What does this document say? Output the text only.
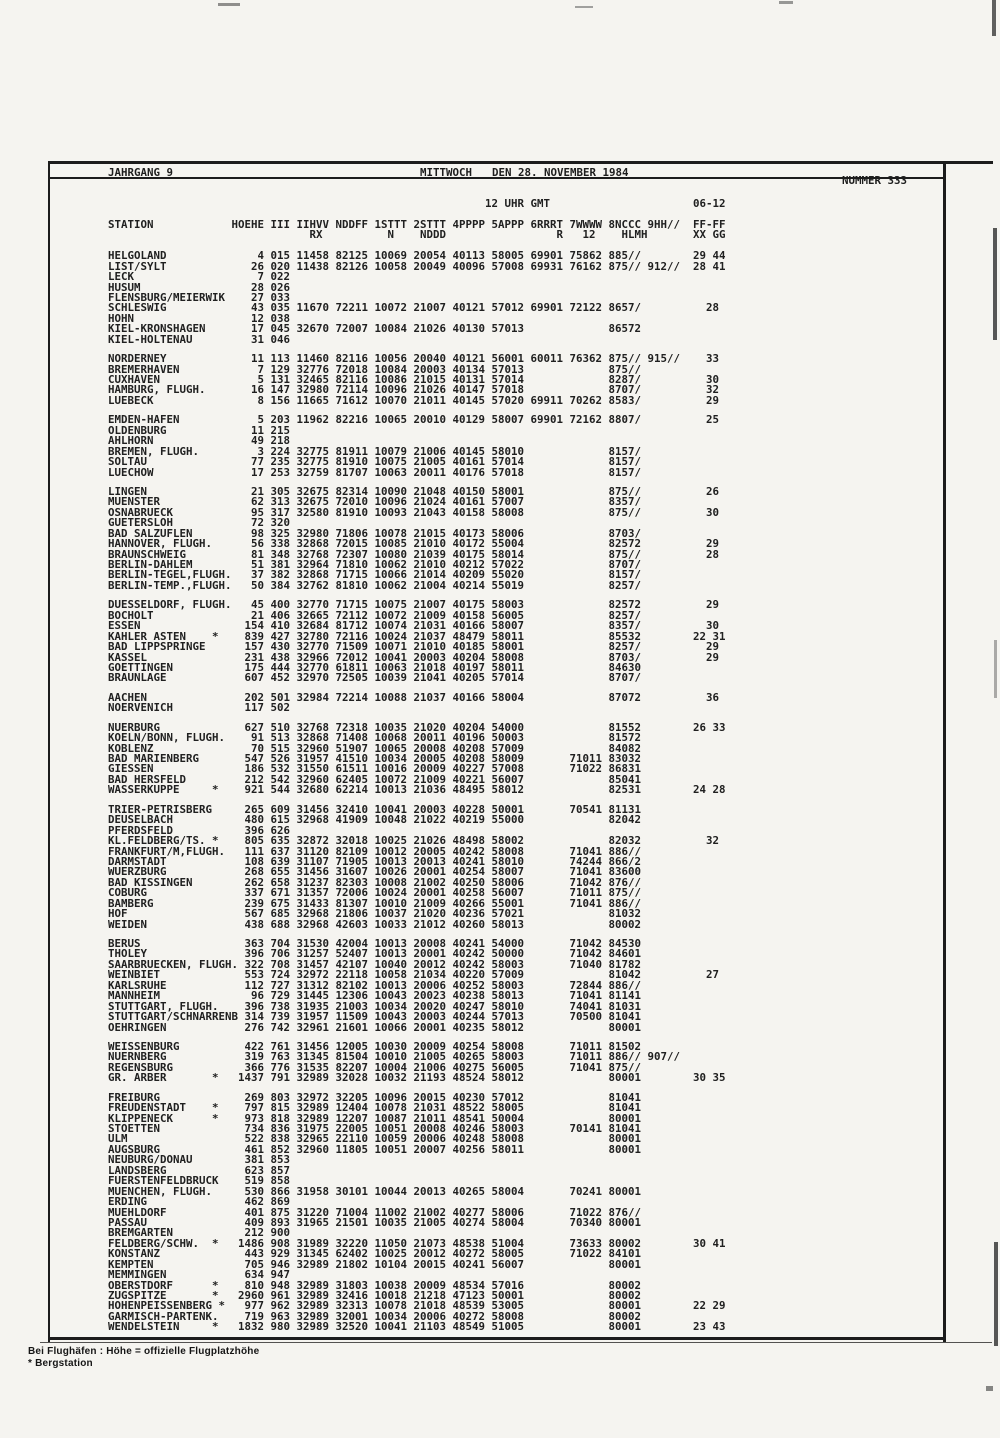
JAHRGANG 9	MITTWOCH DEN 28. NOVEMBER 1984
NUMMER 333
12 UHR GMT                      06-12
STATION            HOEHE III IIHVV NDDFF 1STTT 2STTT 4PPPP 5APPP 6RRRT 7WWWW 8NCCC 9HH//  FF-FF
RX          N    NDDD                 R   12    HLMH       XX GG
HELGOLAND              4 015 11458 82125 10069 20054 40113 58005 69901 75862 885//        29 44
LIST/SYLT             26 020 11438 82126 10058 20049 40096 57008 69931 76162 875// 912//  28 41
LECK                   7 022
HUSUM                 28 026
FLENSBURG/MEIERWIK    27 033
SCHLESWIG             43 035 11670 72211 10072 21007 40121 57012 69901 72122 8657/          28
HOHN                  12 038
KIEL-KRONSHAGEN       17 045 32670 72007 10084 21026 40130 57013             86572
KIEL-HOLTENAU         31 046
NORDERNEY             11 113 11460 82116 10056 20040 40121 56001 60011 76362 875// 915//    33
BREMERHAVEN            7 129 32776 72018 10084 20003 40134 57013             875//
CUXHAVEN               5 131 32465 82116 10086 21015 40131 57014             8287/          30
HAMBURG, FLUGH.       16 147 32980 72114 10096 21026 40147 57018             8707/          32
LUEBECK                8 156 11665 71612 10070 21011 40145 57020 69911 70262 8583/          29
EMDEN-HAFEN            5 203 11962 82216 10065 20010 40129 58007 69901 72162 8807/          25
OLDENBURG             11 215
AHLHORN               49 218
BREMEN, FLUGH.         3 224 32775 81911 10079 21006 40145 58010             8157/
SOLTAU                77 235 32775 81910 10075 21005 40161 57014             8157/
LUECHOW               17 253 32759 81707 10063 20011 40176 57018             8157/
LINGEN                21 305 32675 82314 10090 21048 40150 58001             875//          26
MUENSTER              62 313 32675 72010 10096 21024 40161 57007             8357/
OSNABRUECK            95 317 32580 81910 10093 21043 40158 58008             875//          30
GUETERSLOH            72 320
BAD SALZUFLEN         98 325 32980 71806 10078 21015 40173 58006             8703/
HANNOVER, FLUGH.      56 338 32868 72015 10085 21010 40172 55004             82572          29
BRAUNSCHWEIG          81 348 32768 72307 10080 21039 40175 58014             875//          28
BERLIN-DAHLEM         51 381 32964 71810 10062 21010 40212 57022             8707/
BERLIN-TEGEL,FLUGH.   37 382 32868 71715 10066 21014 40209 55020             8157/
BERLIN-TEMP.,FLUGH.   50 384 32762 81810 10062 21004 40214 55019             8257/
DUESSELDORF, FLUGH.   45 400 32770 71715 10075 21007 40175 58003             82572          29
BOCHOLT               21 406 32665 72112 10072 21009 40158 56005             8257/
ESSEN                154 410 32684 81712 10074 21031 40166 58007             8357/          30
KAHLER ASTEN    *    839 427 32780 72116 10024 21037 48479 58011             85532        22 31
BAD LIPPSPRINGE      157 430 32770 71509 10071 21010 40185 58001             8257/          29
KASSEL               231 438 32966 72012 10041 20003 40204 58008             8703/          29
GOETTINGEN           175 444 32770 61811 10063 21018 40197 58011             84630
BRAUNLAGE            607 452 32970 72505 10039 21041 40205 57014             8707/
AACHEN               202 501 32984 72214 10088 21037 40166 58004             87072          36
NOERVENICH           117 502
NUERBURG             627 510 32768 72318 10035 21020 40204 54000             81552        26 33
KOELN/BONN, FLUGH.    91 513 32868 71408 10068 20011 40196 50003             81572
KOBLENZ               70 515 32960 51907 10065 20008 40208 57009             84082
BAD MARIENBERG       547 526 31957 41510 10034 20005 40208 58009       71011 83032
GIESSEN              186 532 31550 61511 10016 20009 40227 57008       71022 86831
BAD HERSFELD         212 542 32960 62405 10072 21009 40221 56007             85041
WASSERKUPPE     *    921 544 32680 62214 10013 21036 48495 58012             82531        24 28
TRIER-PETRISBERG     265 609 31456 32410 10041 20003 40228 50001       70541 81131
DEUSELBACH           480 615 32968 41909 10048 21022 40219 55000             82042
PFERDSFELD           396 626
KL.FELDBERG/TS. *    805 635 32872 32018 10025 21026 48498 58002             82032          32
FRANKFURT/M,FLUGH.   111 637 31120 82109 10012 20005 40242 58008       71041 886//
DARMSTADT            108 639 31107 71905 10013 20013 40241 58010       74244 866/2
WUERZBURG            268 655 31456 31607 10026 20001 40254 58007       71041 83600
BAD KISSINGEN        262 658 31237 82303 10008 21002 40250 58006       71042 876//
COBURG               337 671 31357 72006 10024 20001 40258 56007       71011 875//
BAMBERG              239 675 31433 81307 10010 21009 40266 55001       71041 886//
HOF                  567 685 32968 21806 10037 21020 40236 57021             81032
WEIDEN               438 688 32968 42603 10033 21012 40260 58013             80002
BERUS                363 704 31530 42004 10013 20008 40241 54000       71042 84530
THOLEY               396 706 31257 52407 10013 20001 40242 50000       71042 84601
SAARBRUECKEN, FLUGH. 322 708 31457 42107 10040 20012 40242 58003       71040 81782
WEINBIET             553 724 32972 22118 10058 21034 40220 57009             81042          27
KARLSRUHE            112 727 31312 82102 10013 20006 40252 58003       72844 886//
MANNHEIM              96 729 31445 12306 10043 20023 40238 58013       71041 81141
STUTTGART, FLUGH.    396 738 31935 21003 10034 20020 40247 58010       74041 81031
STUTTGART/SCHNARRENB 314 739 31957 11509 10043 20003 40244 57013       70500 81041
OEHRINGEN            276 742 32961 21601 10066 20001 40235 58012             80001
WEISSENBURG          422 761 31456 12005 10030 20009 40254 58008       71011 81502
NUERNBERG            319 763 31345 81504 10010 21005 40265 58003       71011 886// 907//
REGENSBURG           366 776 31535 82207 10004 21006 40275 56005       71041 875//
GR. ARBER       *   1437 791 32989 32028 10032 21193 48524 58012             80001        30 35
FREIBURG             269 803 32972 32205 10096 20015 40230 57012             81041
FREUDENSTADT    *    797 815 32989 12404 10078 21031 48522 58005             81041
KLIPPENECK      *    973 818 32989 12207 10087 21011 48541 50004             80001
STOETTEN             734 836 31975 22005 10051 20008 40246 58003       70141 81041
ULM                  522 838 32965 22110 10059 20006 40248 58008             80001
AUGSBURG             461 852 32960 11805 10051 20007 40256 58011             80001
NEUBURG/DONAU        381 853
LANDSBERG            623 857
FUERSTENFELDBRUCK    519 858
MUENCHEN, FLUGH.     530 866 31958 30101 10044 20013 40265 58004       70241 80001
ERDING               462 869
MUEHLDORF            401 875 31220 71004 11002 21002 40277 58006       71022 876//
PASSAU               409 893 31965 21501 10035 21005 40274 58004       70340 80001
BREMGARTEN           212 900
FELDBERG/SCHW.  *   1486 908 31989 32220 11050 21073 48538 51004       73633 80002        30 41
KONSTANZ             443 929 31345 62402 10025 20012 40272 58005       71022 84101
KEMPTEN              705 946 32989 21802 10104 20015 40241 56007             80001
MEMMINGEN            634 947
OBERSTDORF      *    810 948 32989 31803 10038 20009 48534 57016             80002
ZUGSPITZE       *   2960 961 32989 32416 10018 21218 47123 50001             80002
HOHENPEISSENBERG *   977 962 32989 32313 10078 21018 48539 53005             80001        22 29
GARMISCH-PARTENK.    719 963 32989 32001 10034 20006 40272 58008             80002
WENDELSTEIN     *   1832 980 32989 32520 10041 21103 48549 51005             80001        23 43
Bei Flughäfen : Höhe = offizielle Flugplatzhöhe
* Bergstation
